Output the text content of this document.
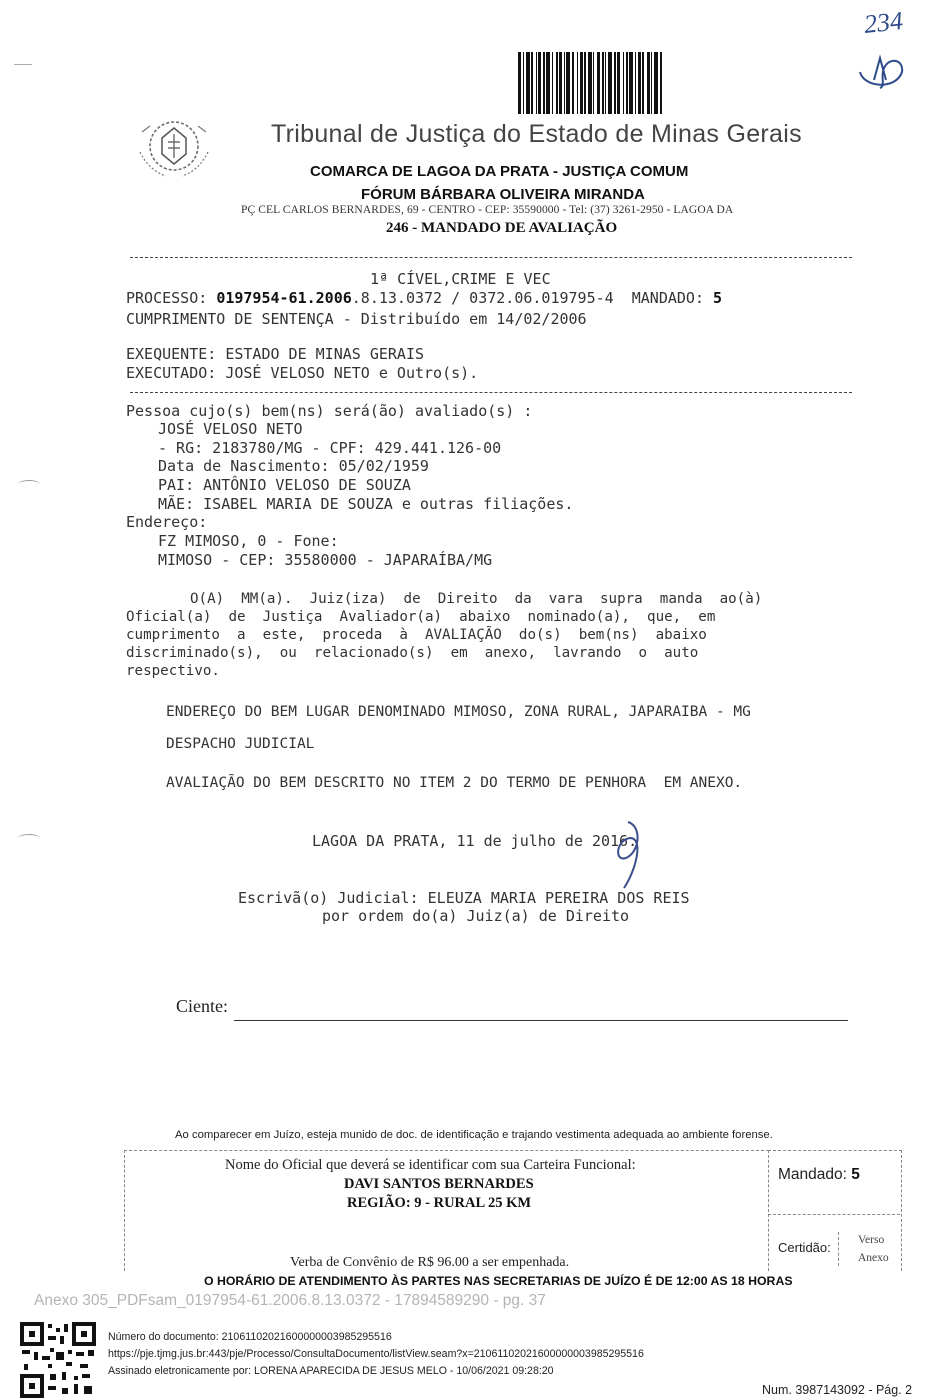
234
Tribunal de Justiça do Estado de Minas Gerais
COMARCA DE LAGOA DA PRATA - JUSTIÇA COMUM
FÓRUM BÁRBARA OLIVEIRA MIRANDA
PÇ CEL CARLOS BERNARDES, 69 - CENTRO - CEP: 35590000 - Tel: (37) 3261-2950 - LAGOA DA
246 - MANDADO DE AVALIAÇÃO
1ª CÍVEL,CRIME E VEC
PROCESSO: 0197954-61.2006.8.13.0372 / 0372.06.019795-4  MANDADO: 5
CUMPRIMENTO DE SENTENÇA - Distribuído em 14/02/2006
EXEQUENTE: ESTADO DE MINAS GERAIS
EXECUTADO: JOSÉ VELOSO NETO e Outro(s).
Pessoa cujo(s) bem(ns) será(ão) avaliado(s) :
JOSÉ VELOSO NETO
- RG: 2183780/MG - CPF: 429.441.126-00
Data de Nascimento: 05/02/1959
PAI: ANTÔNIO VELOSO DE SOUZA
MÃE: ISABEL MARIA DE SOUZA e outras filiações.
Endereço:
FZ MIMOSO, 0 - Fone:
MIMOSO - CEP: 35580000 - JAPARAÍBA/MG
O(A)  MM(a).  Juiz(iza)  de  Direito  da  vara  supra  manda  ao(à)
Oficial(a)  de  Justiça  Avaliador(a)  abaixo  nominado(a),  que,  em
cumprimento  a  este,  proceda  à  AVALIAÇÃO  do(s)  bem(ns)  abaixo
discriminado(s),  ou  relacionado(s)  em  anexo,  lavrando  o  auto
respectivo.
ENDEREÇO DO BEM LUGAR DENOMINADO MIMOSO, ZONA RURAL, JAPARAIBA - MG
DESPACHO JUDICIAL
AVALIAÇÃO DO BEM DESCRITO NO ITEM 2 DO TERMO DE PENHORA  EM ANEXO.
LAGOA DA PRATA, 11 de julho de 2016.
Escrivã(o) Judicial: ELEUZA MARIA PEREIRA DOS REIS
por ordem do(a) Juiz(a) de Direito
Ciente:
Ao comparecer em Juízo, esteja munido de doc. de identificação e trajando vestimenta adequada ao ambiente forense.
Nome do Oficial que deverá se identificar com sua Carteira Funcional:
DAVI SANTOS BERNARDES
REGIÃO: 9 - RURAL 25 KM
Verba de Convênio de R$ 96.00 a ser empenhada.
Mandado: 5
Certidão: Verso
Anexo
O HORÁRIO DE ATENDIMENTO ÀS PARTES NAS SECRETARIAS DE JUÍZO É DE 12:00 AS 18 HORAS
Anexo 305_PDFsam_0197954-61.2006.8.13.0372 - 17894589290 - pg. 37
Número do documento: 21061102021600000003985295516
https://pje.tjmg.jus.br:443/pje/Processo/ConsultaDocumento/listView.seam?x=21061102021600000003985295516
Assinado eletronicamente por: LORENA APARECIDA DE JESUS MELO - 10/06/2021 09:28:20
Num. 3987143092 - Pág. 2
